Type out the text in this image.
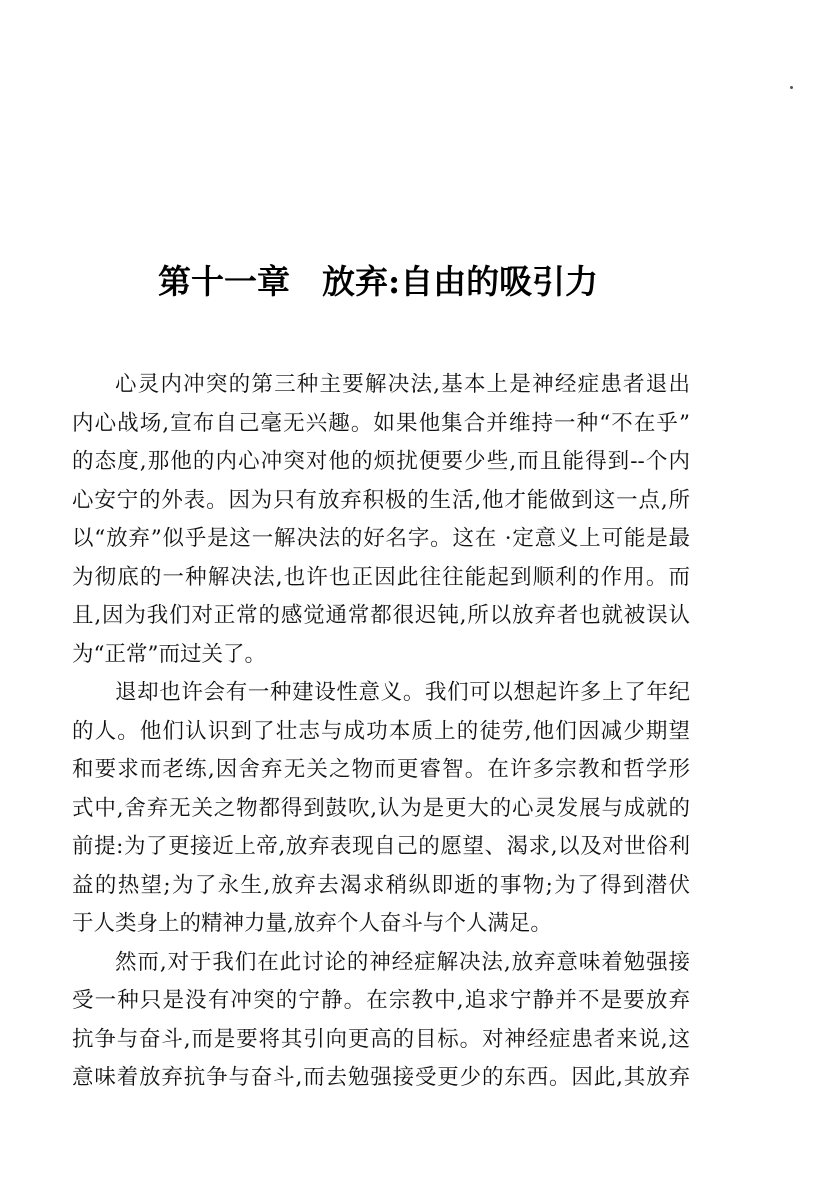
第十一章 放弃:自由的吸引力
心灵内冲突的第三种主要解决法,基本上是神经症患者退出
内心战场,宣布自己毫无兴趣。如果他集合并维持一种“不在乎”
的态度,那他的内心冲突对他的烦扰便要少些,而且能得到--个内
心安宁的外表。因为只有放弃积极的生活,他才能做到这一点,所
以“放弃”似乎是这一解决法的好名字。这在 ·定意义上可能是最
为彻底的一种解决法,也许也正因此往往能起到顺利的作用。而
且,因为我们对正常的感觉通常都很迟钝,所以放弃者也就被误认
为“正常”而过关了。
退却也许会有一种建设性意义。我们可以想起许多上了年纪
的人。他们认识到了壮志与成功本质上的徒劳,他们因减少期望
和要求而老练,因舍弃无关之物而更睿智。在许多宗教和哲学形
式中,舍弃无关之物都得到鼓吹,认为是更大的心灵发展与成就的
前提:为了更接近上帝,放弃表现自己的愿望、渴求,以及对世俗利
益的热望;为了永生,放弃去渴求稍纵即逝的事物;为了得到潜伏
于人类身上的精神力量,放弃个人奋斗与个人满足。
然而,对于我们在此讨论的神经症解决法,放弃意味着勉强接
受一种只是没有冲突的宁静。在宗教中,追求宁静并不是要放弃
抗争与奋斗,而是要将其引向更高的目标。对神经症患者来说,这
意味着放弃抗争与奋斗,而去勉强接受更少的东西。因此,其放弃
